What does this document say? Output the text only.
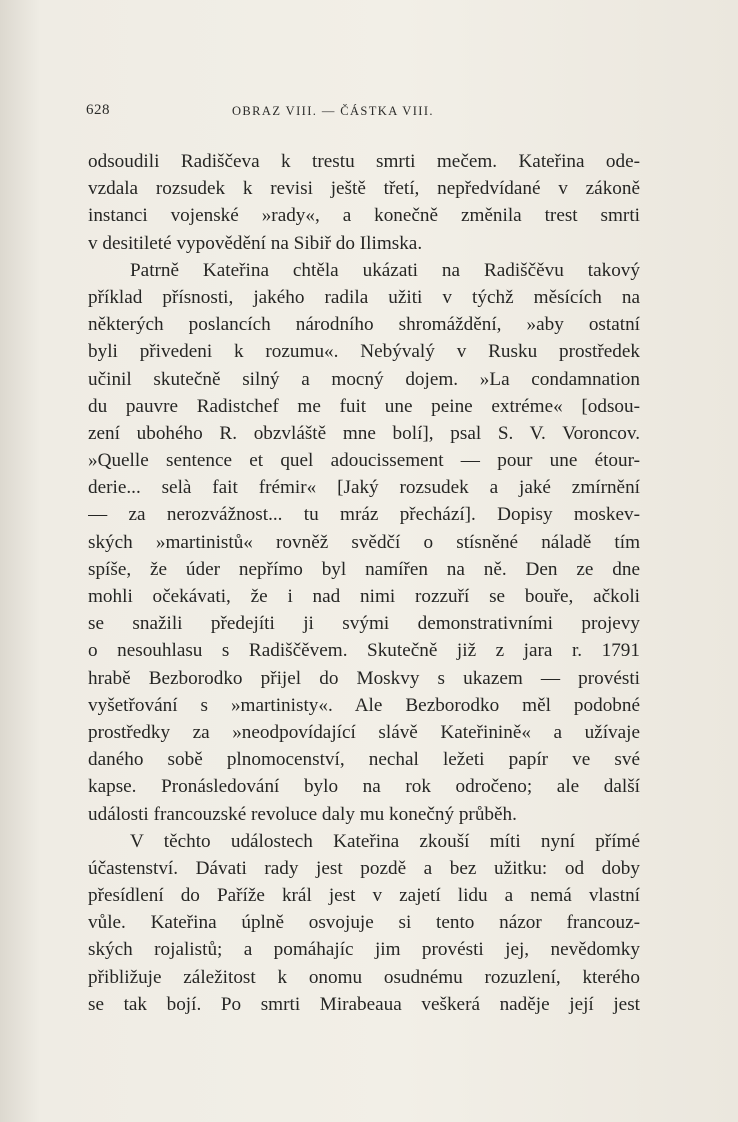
628	OBRAZ VIII. — ČÁSTKA VIII.
odsoudili Radiščeva k trestu smrti mečem. Kateřina ode-
vzdala rozsudek k revisi ještě třetí, nepředvídané v zákoně
instanci vojenské »rady«, a konečně změnila trest smrti
v desitileté vypovědění na Sibiř do Ilimska.
Patrně Kateřina chtěla ukázati na Radiščěvu takový
příklad přísnosti, jakého radila užiti v týchž měsících na
některých poslancích národního shromáždění, »aby ostatní
byli přivedeni k rozumu«. Nebývalý v Rusku prostředek
učinil skutečně silný a mocný dojem. »La condamnation
du pauvre Radistchef me fuit une peine extréme« [odsou-
zení ubohého R. obzvláště mne bolí], psal S. V. Voroncov.
»Quelle sentence et quel adoucissement — pour une étour-
derie... selà fait frémir« [Jaký rozsudek a jaké zmírnění
— za nerozvážnost... tu mráz přechází]. Dopisy moskev-
ských »martinistů« rovněž svědčí o stísněné náladě tím
spíše, že úder nepřímo byl namířen na ně. Den ze dne
mohli očekávati, že i nad nimi rozzuří se bouře, ačkoli
se snažili předejíti ji svými demonstrativními projevy
o nesouhlasu s Radiščěvem. Skutečně již z jara r. 1791
hrabě Bezborodko přijel do Moskvy s ukazem — provésti
vyšetřování s »martinisty«. Ale Bezborodko měl podobné
prostředky za »neodpovídající slávě Kateřinině« a užívaje
daného sobě plnomocenství, nechal ležeti papír ve své
kapse. Pronásledování bylo na rok odročeno; ale další
události francouzské revoluce daly mu konečný průběh.
V těchto událostech Kateřina zkouší míti nyní přímé
účastenství. Dávati rady jest pozdě a bez užitku: od doby
přesídlení do Paříže král jest v zajetí lidu a nemá vlastní
vůle. Kateřina úplně osvojuje si tento názor francouz-
ských rojalistů; a pomáhajíc jim provésti jej, nevědomky
přibližuje záležitost k onomu osudnému rozuzlení, kterého
se tak bojí. Po smrti Mirabeaua veškerá naděje její jest
